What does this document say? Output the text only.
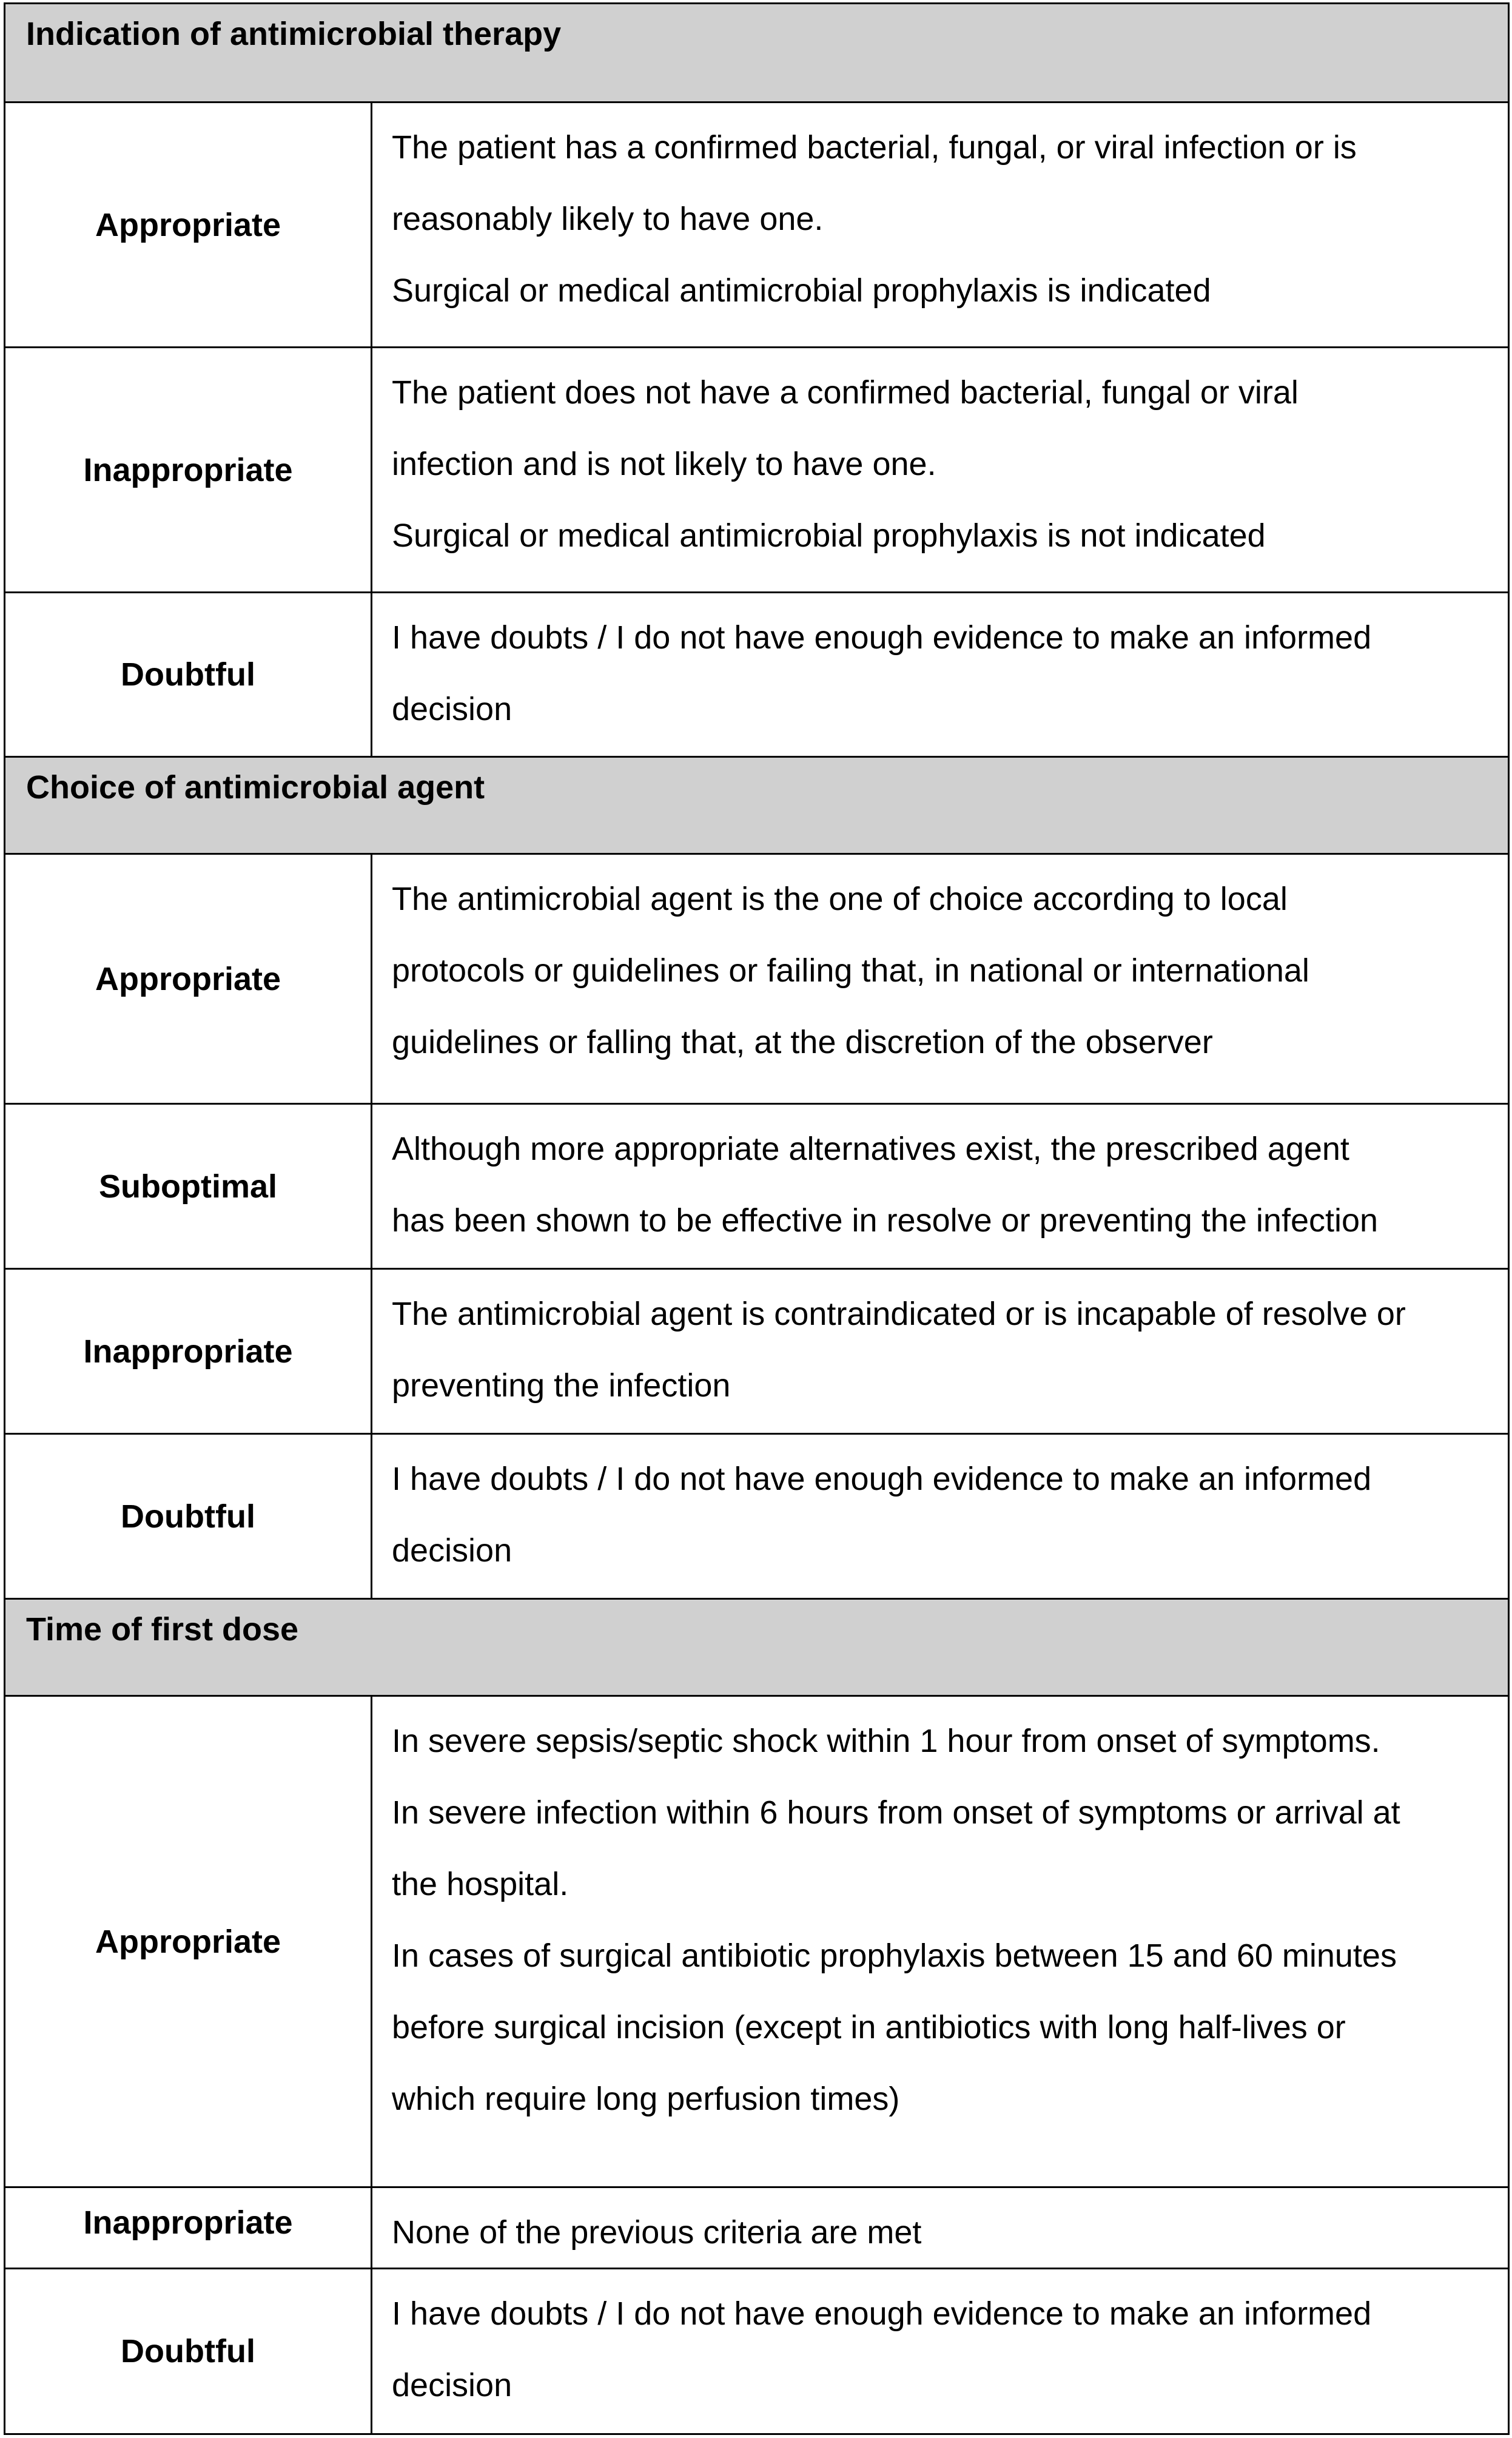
Indication of antimicrobial therapy
Appropriate
The patient has a confirmed bacterial, fungal, or viral infection or is
reasonably likely to have one.
Surgical or medical antimicrobial prophylaxis is indicated
Inappropriate
The patient does not have a confirmed bacterial, fungal or viral
infection and is not likely to have one.
Surgical or medical antimicrobial prophylaxis is not indicated
Doubtful
I have doubts / I do not have enough evidence to make an informed
decision
Choice of antimicrobial agent
Appropriate
The antimicrobial agent is the one of choice according to local
protocols or guidelines or failing that, in national or international
guidelines or falling that, at the discretion of the observer
Suboptimal
Although more appropriate alternatives exist, the prescribed agent
has been shown to be effective in resolve or preventing the infection
Inappropriate
The antimicrobial agent is contraindicated or is incapable of resolve or
preventing the infection
Doubtful
I have doubts / I do not have enough evidence to make an informed
decision
Time of first dose
Appropriate
In severe sepsis/septic shock within 1 hour from onset of symptoms.
In severe infection within 6 hours from onset of symptoms or arrival at
the hospital.
In cases of surgical antibiotic prophylaxis between 15 and 60 minutes
before surgical incision (except in antibiotics with long half-lives or
which require long perfusion times)
Inappropriate	None of the previous criteria are met
Doubtful
I have doubts / I do not have enough evidence to make an informed
decision
